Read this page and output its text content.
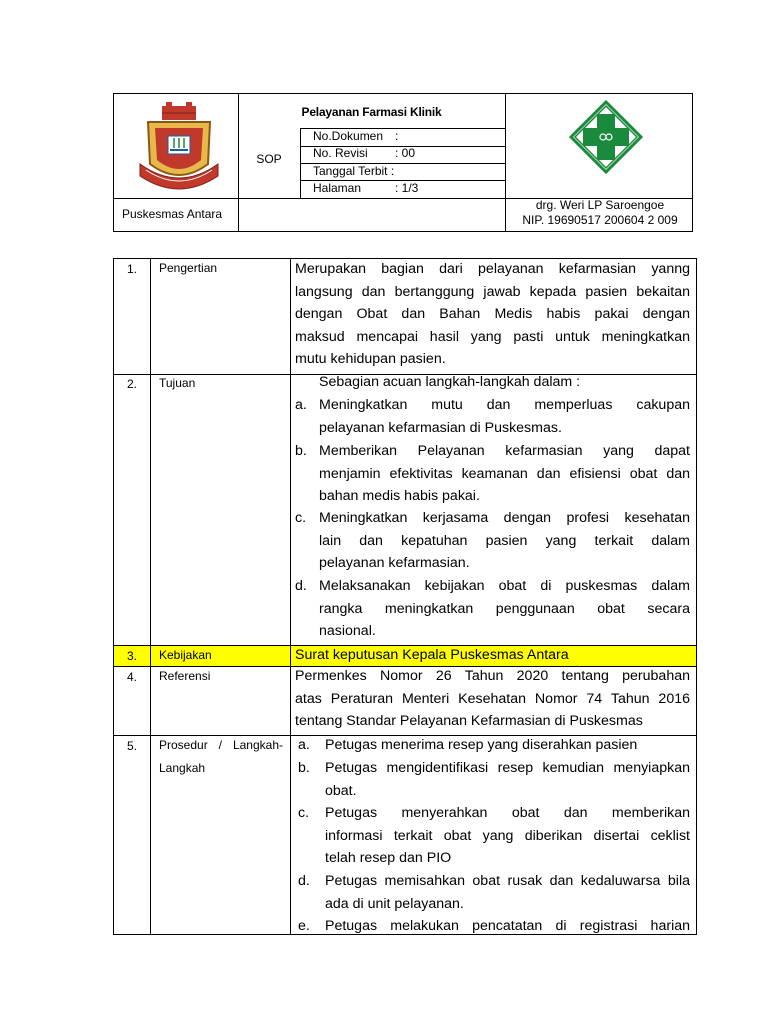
Pelayanan Farmasi Klinik
SOP
No.Dokumen :
No. Revisi : 00
Tanggal Terbit :
Halaman	: 1/3
Puskesmas Antara
drg. Weri LP Saroengoe
NIP. 19690517 200604 2 009
1.	Pengertian	Merupakan bagian dari pelayanan kefarmasian yanng
langsung dan bertanggung jawab kepada pasien bekaitan
dengan Obat dan Bahan Medis habis pakai dengan
maksud mencapai hasil yang pasti untuk meningkatkan
mutu kehidupan pasien.
2.	Tujuan	Sebagian acuan langkah-langkah dalam :
a. Meningkatkan mutu dan memperluas cakupan
pelayanan kefarmasian di Puskesmas.
b. Memberikan Pelayanan kefarmasian yang dapat
menjamin efektivitas keamanan dan efisiensi obat dan
bahan medis habis pakai.
c. Meningkatkan kerjasama dengan profesi kesehatan
lain dan kepatuhan pasien yang terkait dalam
pelayanan kefarmasian.
d. Melaksanakan kebijakan obat di puskesmas dalam
rangka meningkatkan penggunaan obat secara
nasional.
3.	Kebijakan	Surat keputusan Kepala Puskesmas Antara
4.	Referensi	Permenkes Nomor 26 Tahun 2020 tentang perubahan
atas Peraturan Menteri Kesehatan Nomor 74 Tahun 2016
tentang Standar Pelayanan Kefarmasian di Puskesmas
5.	Prosedur / Langkah-
Langkah
a. Petugas menerima resep yang diserahkan pasien
b. Petugas mengidentifikasi resep kemudian menyiapkan
obat.
c. Petugas menyerahkan obat dan memberikan
informasi terkait obat yang diberikan disertai ceklist
telah resep dan PIO
d. Petugas memisahkan obat rusak dan kedaluwarsa bila
ada di unit pelayanan.
e. Petugas melakukan pencatatan di registrasi harian
